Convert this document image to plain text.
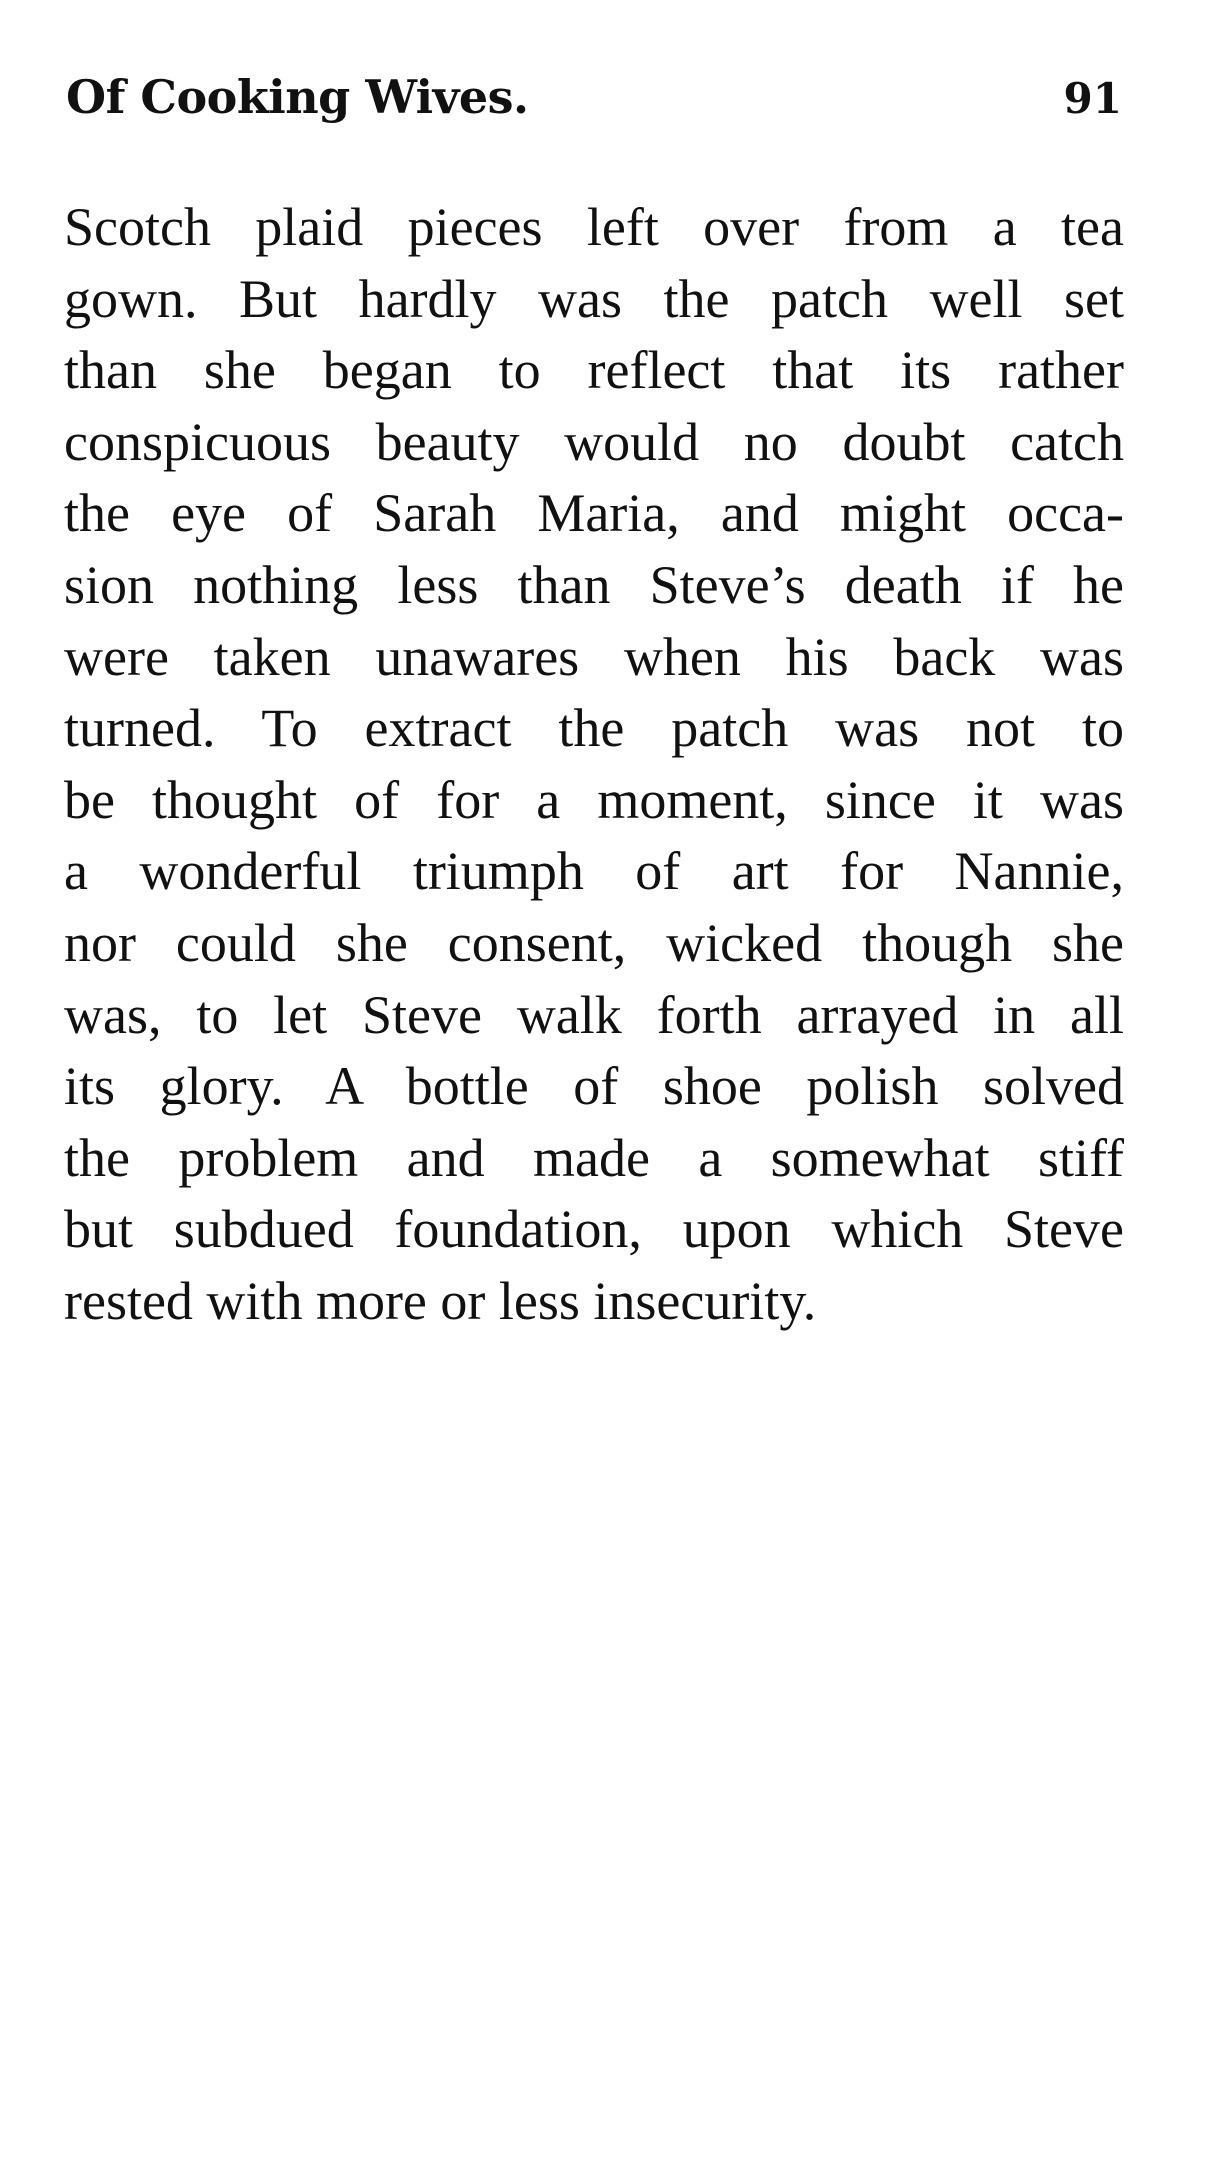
Of Cooking Wives.	91
Scotch plaid pieces left over from a tea
gown. But hardly was the patch well set
than she began to reflect that its rather
conspicuous beauty would no doubt catch
the eye of Sarah Maria, and might occa-
sion nothing less than Steve’s death if he
were taken unawares when his back was
turned. To extract the patch was not to
be thought of for a moment, since it was
a wonderful triumph of art for Nannie,
nor could she consent, wicked though she
was, to let Steve walk forth arrayed in all
its glory. A bottle of shoe polish solved
the problem and made a somewhat stiff
but subdued foundation, upon which Steve
rested with more or less insecurity.
